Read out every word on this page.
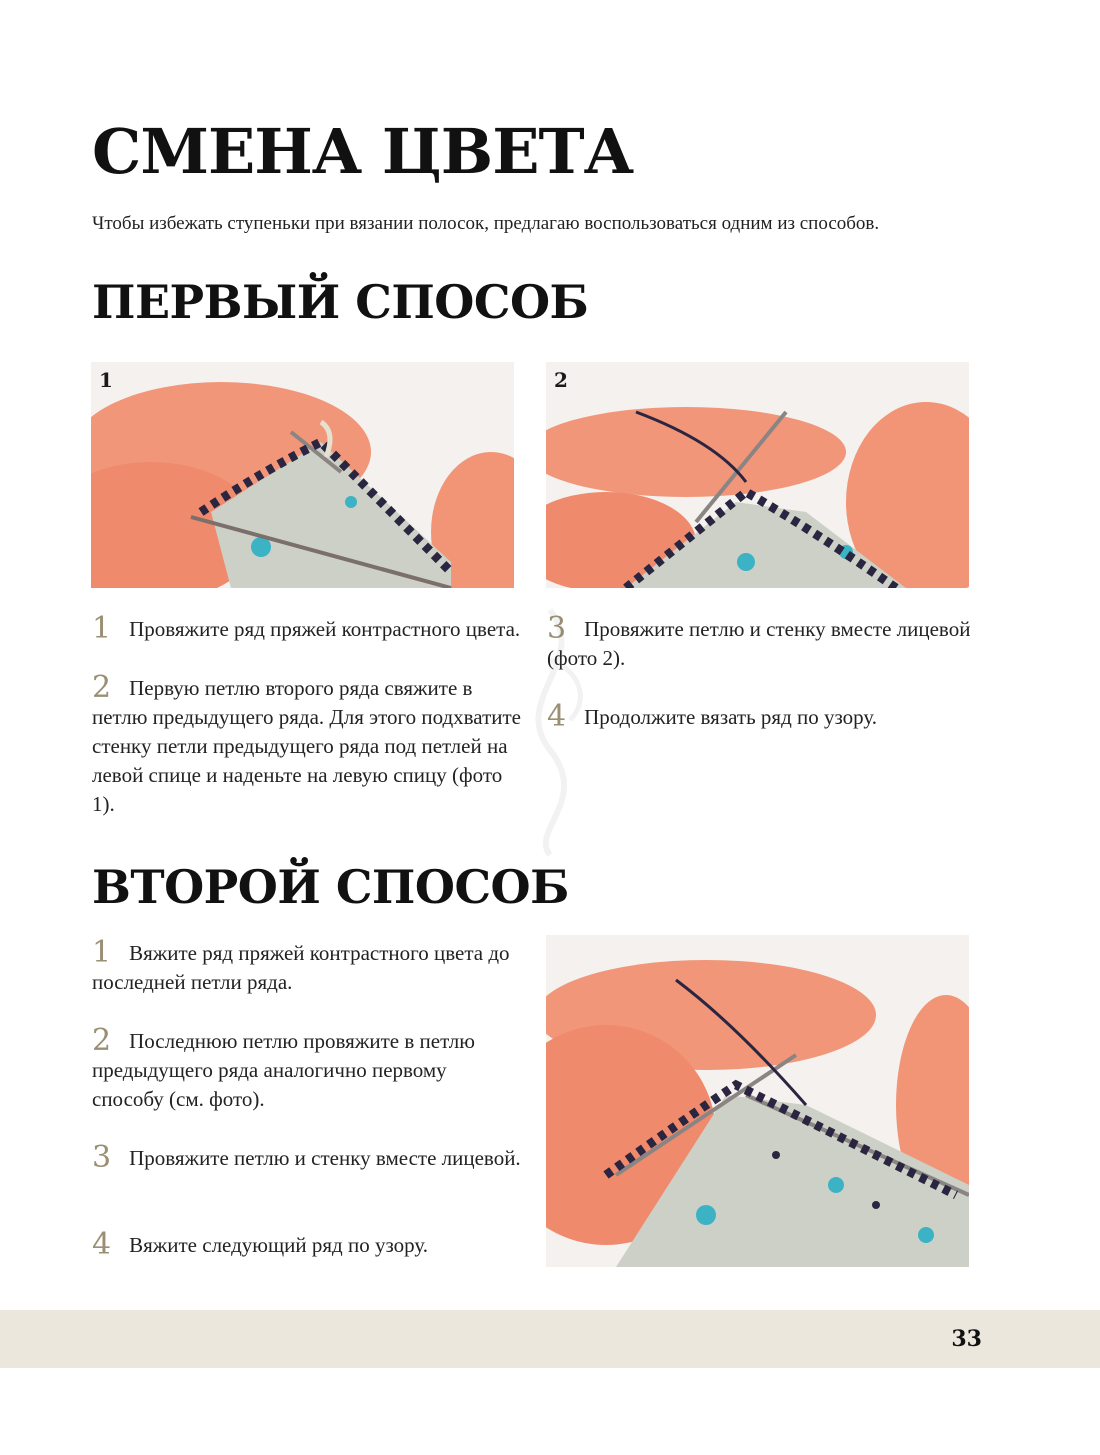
СМЕНА ЦВЕТА
Чтобы избежать ступеньки при вязании полосок, предлагаю воспользоваться одним из способов.
ПЕРВЫЙ СПОСОБ
1	2
1 Провяжите ряд пряжей контрастного цвета.
2 Первую петлю второго ряда свяжите в петлю предыдущего ряда. Для этого подхватите стенку петли предыдущего ряда под петлей на левой спице и наденьте на левую спицу (фото 1).
3 Провяжите петлю и стенку вместе лицевой (фото 2).
4 Продолжите вязать ряд по узору.
ВТОРОЙ СПОСОБ
1 Вяжите ряд пряжей контрастного цвета до последней петли ряда.
2 Последнюю петлю провяжите в петлю предыдущего ряда аналогично первому способу (см. фото).
3 Провяжите петлю и стенку вместе лицевой.
4 Вяжите следующий ряд по узору.
33
